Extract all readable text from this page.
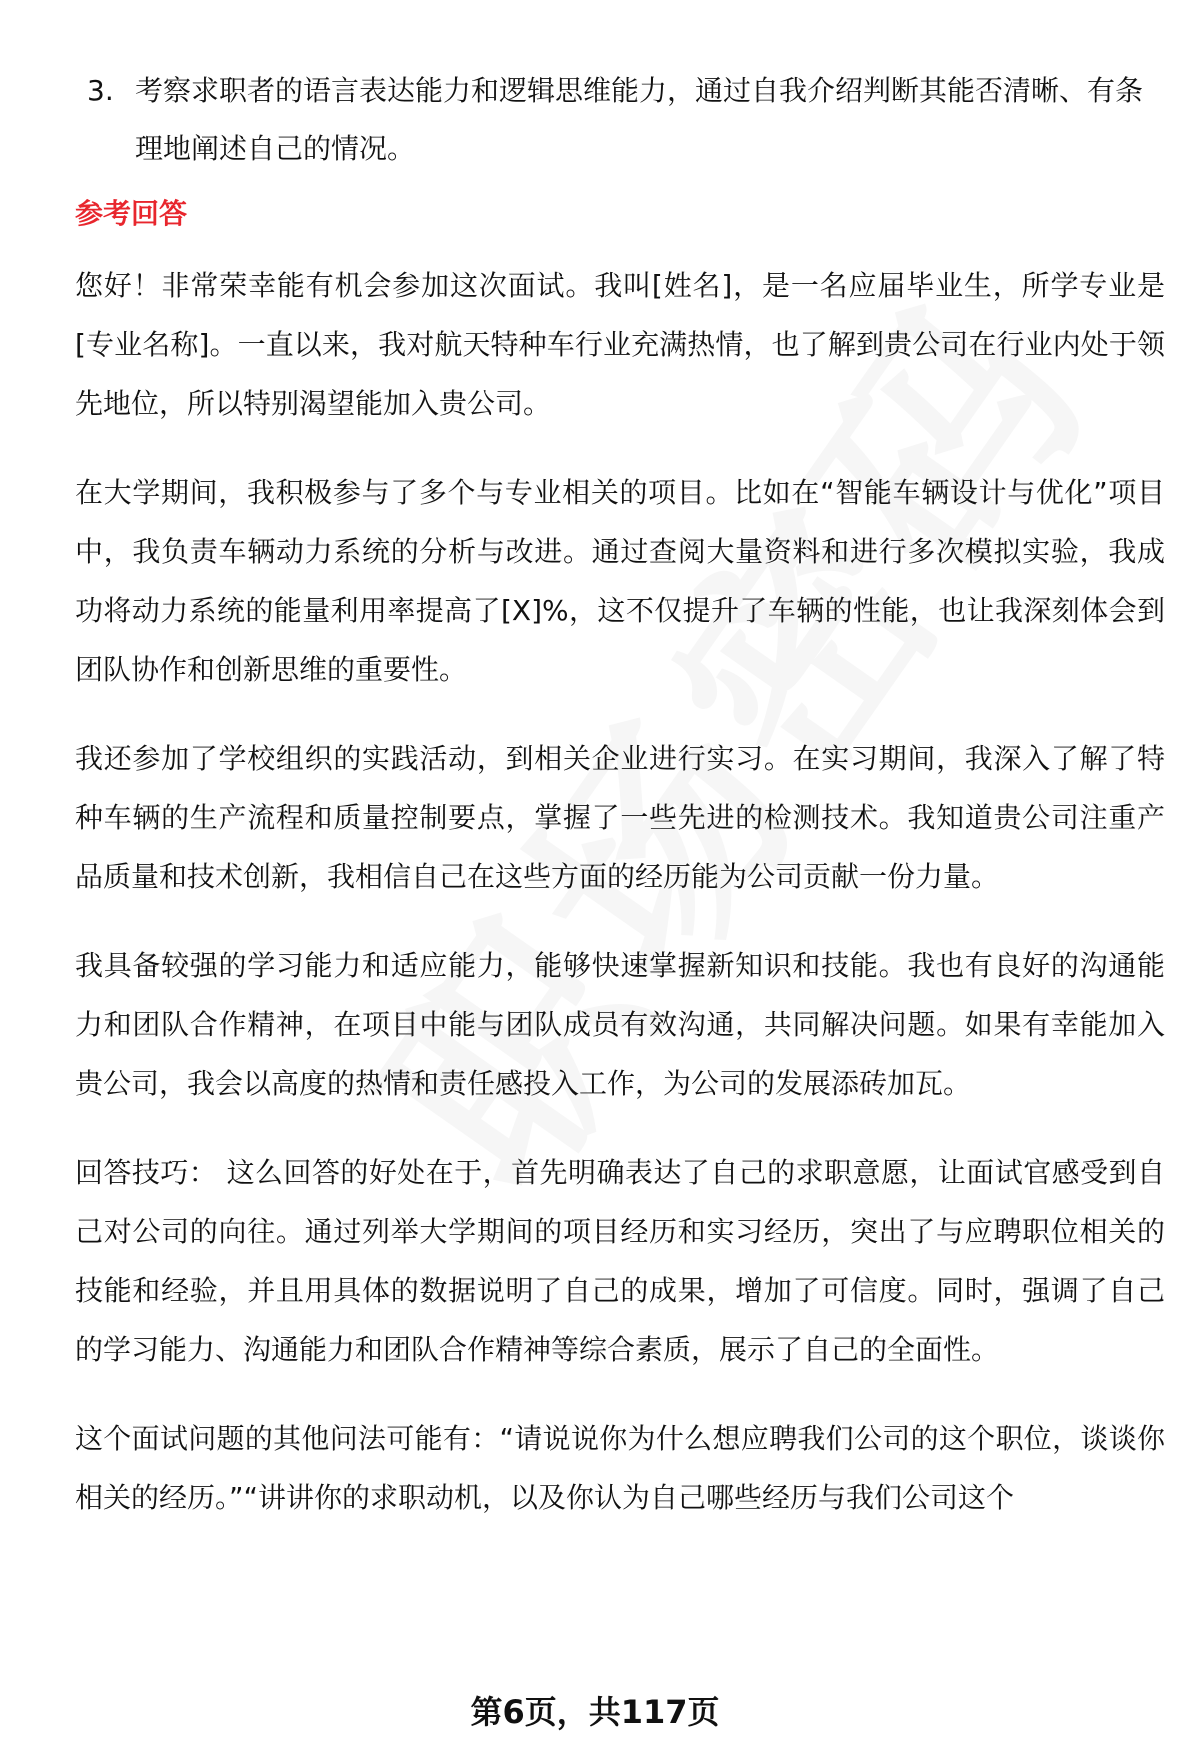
3. 考察求职者的语言表达能力和逻辑思维能力，通过自我介绍判断其能否清晰、有条理地阐述自己的情况。
参考回答

您好！非常荣幸能有机会参加这次面试。我叫[姓名]，是一名应届毕业生，所学专业是[专业名称]。一直以来，我对航天特种车行业充满热情，也了解到贵公司在行业内处于领先地位，所以特别渴望能加入贵公司。

在大学期间，我积极参与了多个与专业相关的项目。比如在“智能车辆设计与优化”项目中，我负责车辆动力系统的分析与改进。通过查阅大量资料和进行多次模拟实验，我成功将动力系统的能量利用率提高了[X]%，这不仅提升了车辆的性能，也让我深刻体会到团队协作和创新思维的重要性。

我还参加了学校组织的实践活动，到相关企业进行实习。在实习期间，我深入了解了特种车辆的生产流程和质量控制要点，掌握了一些先进的检测技术。我知道贵公司注重产品质量和技术创新，我相信自己在这些方面的经历能为公司贡献一份力量。

我具备较强的学习能力和适应能力，能够快速掌握新知识和技能。我也有良好的沟通能力和团队合作精神，在项目中能与团队成员有效沟通，共同解决问题。如果有幸能加入贵公司，我会以高度的热情和责任感投入工作，为公司的发展添砖加瓦。

回答技巧： 这么回答的好处在于，首先明确表达了自己的求职意愿，让面试官感受到自己对公司的向往。通过列举大学期间的项目经历和实习经历，突出了与应聘职位相关的技能和经验，并且用具体的数据说明了自己的成果，增加了可信度。同时，强调了自己的学习能力、沟通能力和团队合作精神等综合素质，展示了自己的全面性。

这个面试问题的其他问法可能有：“请说说你为什么想应聘我们公司的这个职位，谈谈你相关的经历。”“讲讲你的求职动机，以及你认为自己哪些经历与我们公司这个

第6页，共117页
